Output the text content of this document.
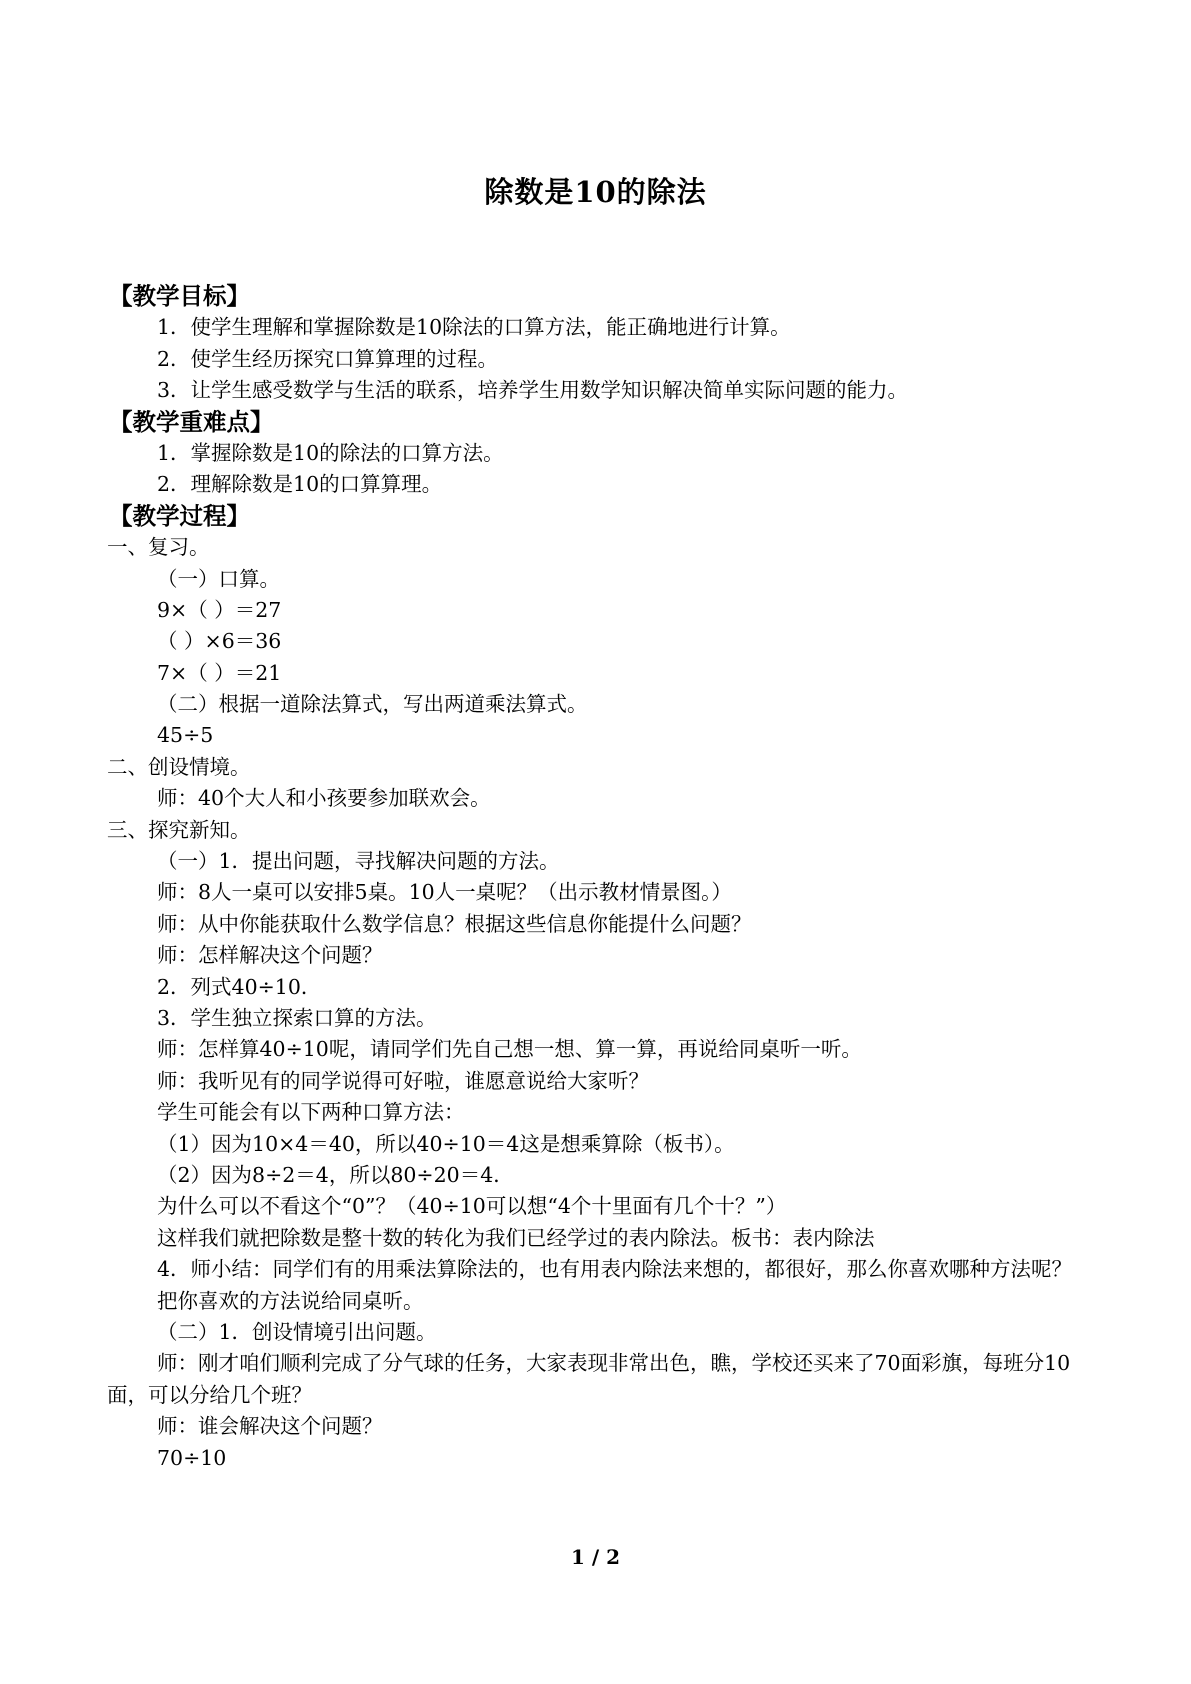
除数是10的除法
【教学目标】
1．使学生理解和掌握除数是10除法的口算方法，能正确地进行计算。
2．使学生经历探究口算算理的过程。
3．让学生感受数学与生活的联系，培养学生用数学知识解决简单实际问题的能力。
【教学重难点】
1．掌握除数是10的除法的口算方法。
2．理解除数是10的口算算理。
【教学过程】
一、复习。
（一）口算。
9×（ ）＝27
（ ）×6＝36
7×（ ）＝21
（二）根据一道除法算式，写出两道乘法算式。
45÷5
二、创设情境。
师：40个大人和小孩要参加联欢会。
三、探究新知。
（一）1．提出问题，寻找解决问题的方法。
师：8人一桌可以安排5桌。10人一桌呢？（出示教材情景图。）
师：从中你能获取什么数学信息？根据这些信息你能提什么问题？
师：怎样解决这个问题？
2．列式40÷10．
3．学生独立探索口算的方法。
师：怎样算40÷10呢，请同学们先自己想一想、算一算，再说给同桌听一听。
师：我听见有的同学说得可好啦，谁愿意说给大家听？
学生可能会有以下两种口算方法：
（1）因为10×4＝40，所以40÷10＝4这是想乘算除（板书）。
（2）因为8÷2＝4，所以80÷20＝4．
为什么可以不看这个“0”？（40÷10可以想“4个十里面有几个十？”）
这样我们就把除数是整十数的转化为我们已经学过的表内除法。板书：表内除法
4．师小结：同学们有的用乘法算除法的，也有用表内除法来想的，都很好，那么你喜欢哪种方法呢？
把你喜欢的方法说给同桌听。
（二）1．创设情境引出问题。
师：刚才咱们顺利完成了分气球的任务，大家表现非常出色，瞧，学校还买来了70面彩旗，每班分10面，可以分给几个班？
师：谁会解决这个问题？
70÷10
1 / 2
